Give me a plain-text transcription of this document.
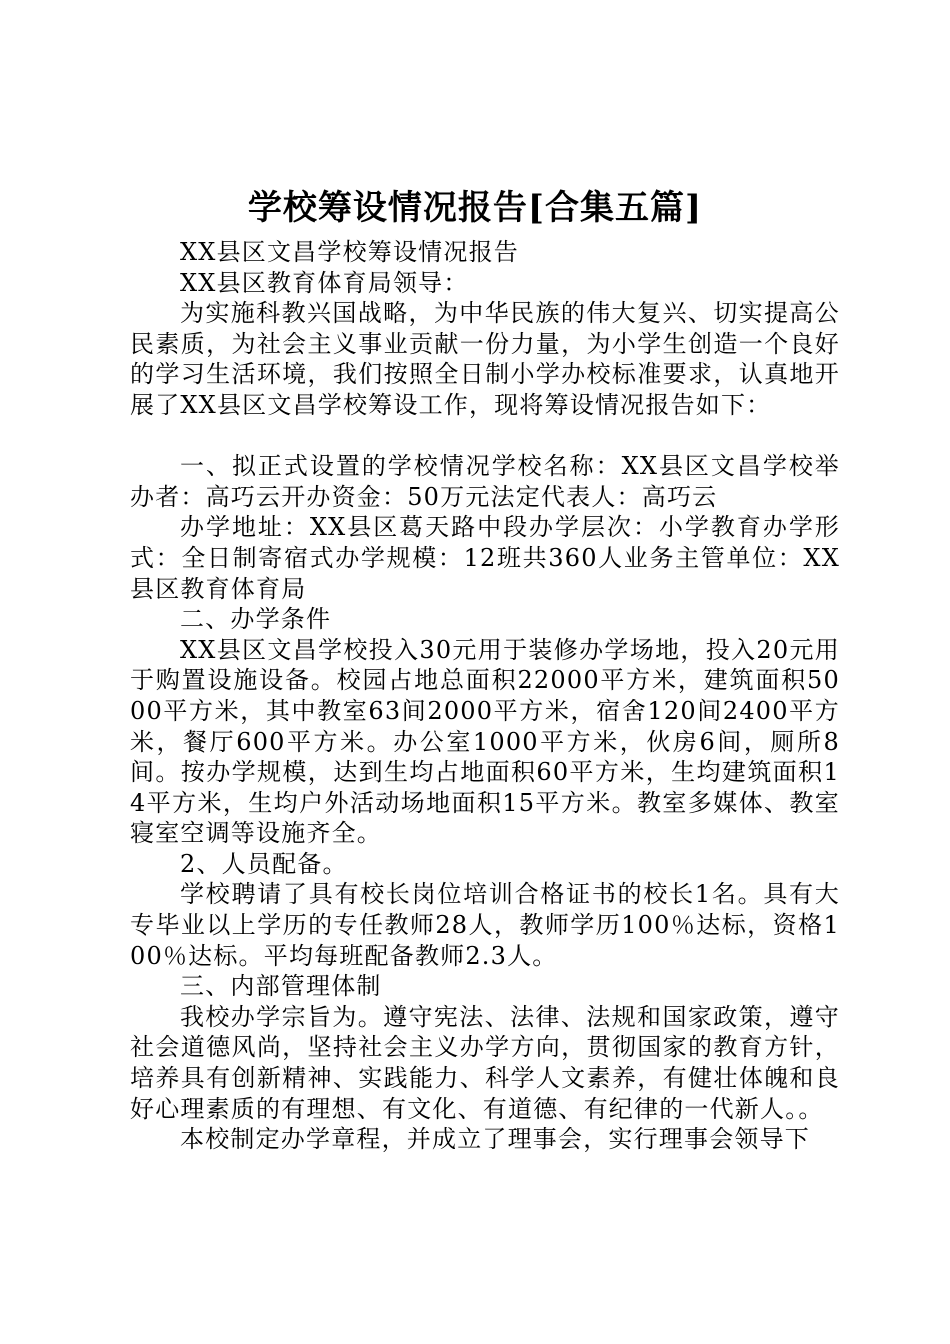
学校筹设情况报告[合集五篇]

XX县区文昌学校筹设情况报告

XX县区教育体育局领导：

为实施科教兴国战略，为中华民族的伟大复兴、切实提高公民素质，为社会主义事业贡献一份力量，为小学生创造一个良好的学习生活环境，我们按照全日制小学办校标准要求，认真地开展了XX县区文昌学校筹设工作，现将筹设情况报告如下：

一、拟正式设置的学校情况学校名称：XX县区文昌学校举办者：高巧云开办资金：50万元法定代表人：高巧云

办学地址：XX县区葛天路中段办学层次：小学教育办学形式：全日制寄宿式办学规模：12班共360人业务主管单位：XX县区教育体育局

二、办学条件

XX县区文昌学校投入30元用于装修办学场地，投入20元用于购置设施设备。校园占地总面积22000平方米，建筑面积5000平方米，其中教室63间2000平方米，宿舍120间2400平方米，餐厅600平方米。办公室1000平方米，伙房6间，厕所8间。按办学规模，达到生均占地面积60平方米，生均建筑面积14平方米，生均户外活动场地面积15平方米。教室多媒体、教室寝室空调等设施齐全。

2、人员配备。

学校聘请了具有校长岗位培训合格证书的校长1名。具有大专毕业以上学历的专任教师28人，教师学历100％达标，资格100％达标。平均每班配备教师2.3人。

三、内部管理体制

我校办学宗旨为。遵守宪法、法律、法规和国家政策，遵守社会道德风尚，坚持社会主义办学方向，贯彻国家的教育方针，培养具有创新精神、实践能力、科学人文素养，有健壮体魄和良好心理素质的有理想、有文化、有道德、有纪律的一代新人。。

本校制定办学章程，并成立了理事会，实行理事会领导下
